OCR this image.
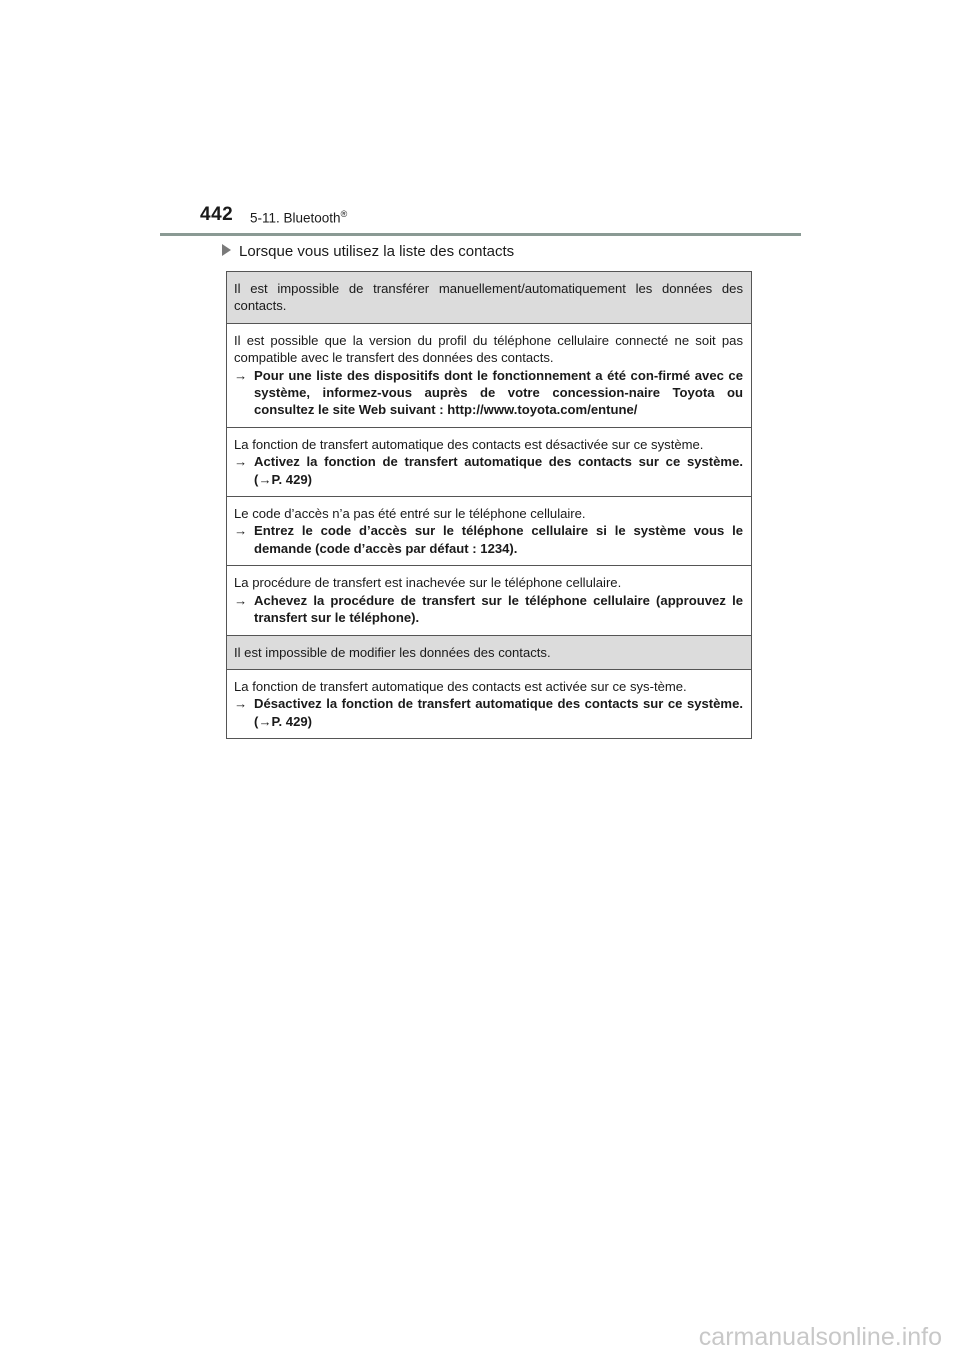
442 5-11. Bluetooth®
Lorsque vous utilisez la liste des contacts
Il est impossible de transférer manuellement/automatiquement les données des contacts.
Il est possible que la version du profil du téléphone cellulaire connecté ne soit pas compatible avec le transfert des données des contacts.
→ Pour une liste des dispositifs dont le fonctionnement a été con-firmé avec ce système, informez-vous auprès de votre concession-naire Toyota ou consultez le site Web suivant : http://www.toyota.com/entune/
La fonction de transfert automatique des contacts est désactivée sur ce système.
→ Activez la fonction de transfert automatique des contacts sur ce système. (→P. 429)
Le code d’accès n’a pas été entré sur le téléphone cellulaire.
→ Entrez le code d’accès sur le téléphone cellulaire si le système vous le demande (code d’accès par défaut : 1234).
La procédure de transfert est inachevée sur le téléphone cellulaire.
→ Achevez la procédure de transfert sur le téléphone cellulaire (approuvez le transfert sur le téléphone).
Il est impossible de modifier les données des contacts.
La fonction de transfert automatique des contacts est activée sur ce sys-tème.
→ Désactivez la fonction de transfert automatique des contacts sur ce système. (→P. 429)
carmanualsonline.info
